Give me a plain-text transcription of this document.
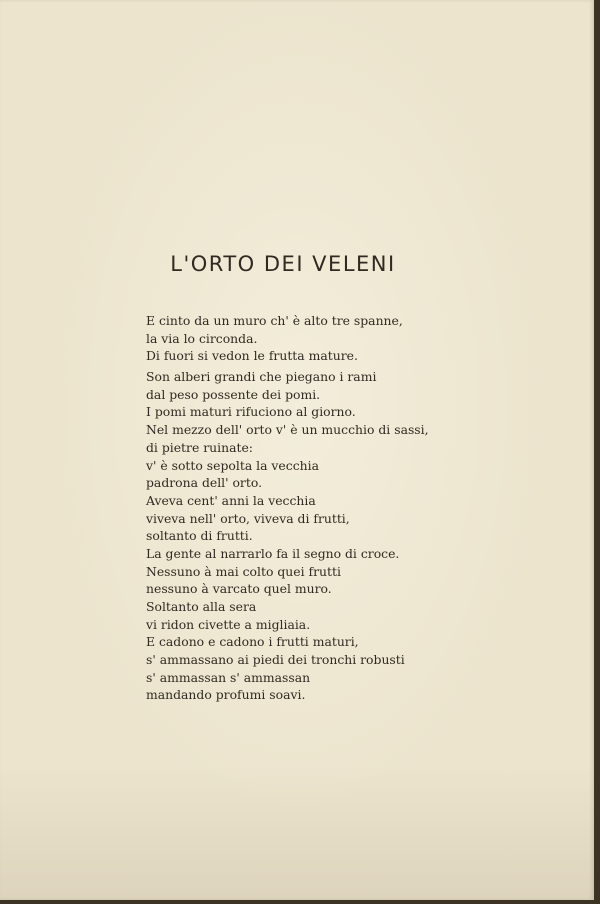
L'ORTO DEI VELENI
E cinto da un muro ch' è alto tre spanne,
la via lo circonda.
Di fuori si vedon le frutta mature.
Son alberi grandi che piegano i rami
dal peso possente dei pomi.
I pomi maturi rifuciono al giorno.
Nel mezzo dell' orto v' è un mucchio di sassi,
di pietre ruinate:
v' è sotto sepolta la vecchia
padrona dell' orto.
Aveva cent' anni la vecchia
viveva nell' orto, viveva di frutti,
soltanto di frutti.
La gente al narrarlo fa il segno di croce.
Nessuno à mai colto quei frutti
nessuno à varcato quel muro.
Soltanto alla sera
vi ridon civette a migliaia.
E cadono e cadono i frutti maturi,
s' ammassano ai piedi dei tronchi robusti
s' ammassan s' ammassan
mandando profumi soavi.
